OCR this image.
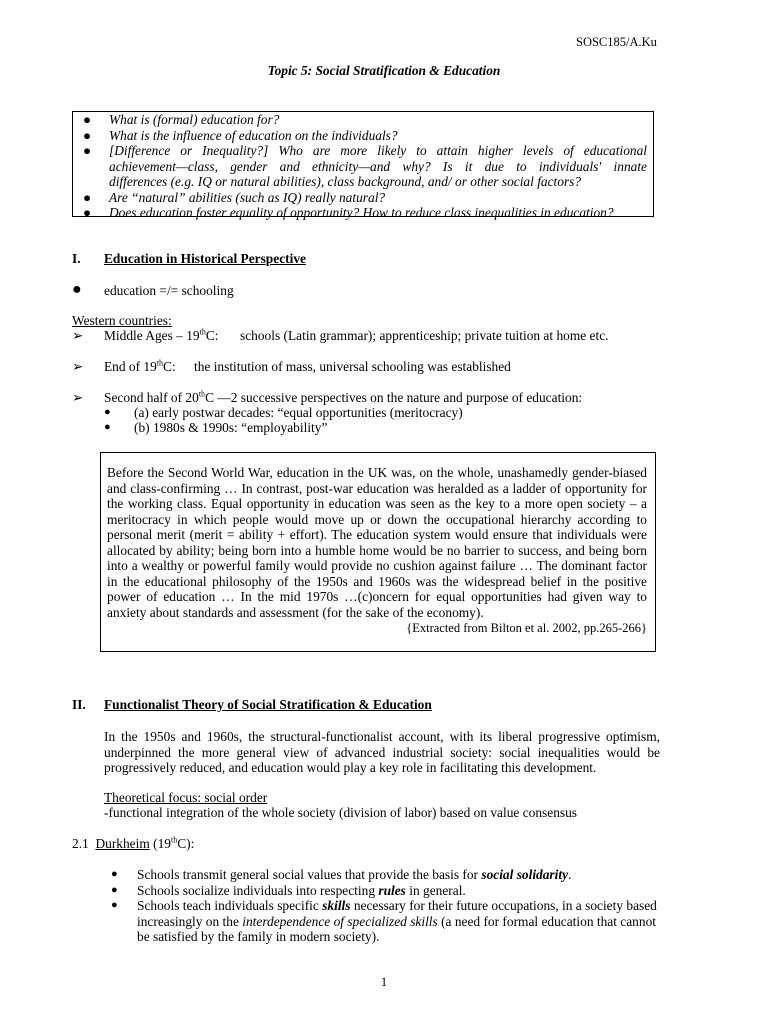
SOSC185/A.Ku
Topic 5: Social Stratification & Education
● What is (formal) education for?
● What is the influence of education on the individuals?
● [Difference or Inequality?] Who are more likely to attain higher levels of educational
achievement—class, gender and ethnicity—and why? Is it due to individuals' innate
differences (e.g. IQ or natural abilities), class background, and/ or other social factors?
● Are “natural” abilities (such as IQ) really natural?
● Does education foster equality of opportunity? How to reduce class inequalities in education?
I. Education in Historical Perspective
● education =/= schooling
Western countries:
➢ Middle Ages – 19thC: schools (Latin grammar); apprenticeship; private tuition at home etc.
➢ End of 19thC: the institution of mass, universal schooling was established
➢ Second half of 20thC —2 successive perspectives on the nature and purpose of education:
● (a) early postwar decades: “equal opportunities (meritocracy)
● (b) 1980s & 1990s: “employability”

Before the Second World War, education in the UK was, on the whole, unashamedly gender-biased and class-confirming … In contrast, post-war education was heralded as a ladder of opportunity for the working class. Equal opportunity in education was seen as the key to a more open society – a meritocracy in which people would move up or down the occupational hierarchy according to personal merit (merit = ability + effort). The education system would ensure that individuals were allocated by ability; being born into a humble home would be no barrier to success, and being born into a wealthy or powerful family would provide no cushion against failure … The dominant factor in the educational philosophy of the 1950s and 1960s was the widespread belief in the positive power of education … In the mid 1970s …(c)oncern for equal opportunities had given way to anxiety about standards and assessment (for the sake of the economy).

{Extracted from Bilton et al. 2002, pp.265-266}
II. Functionalist Theory of Social Stratification & Education
In the 1950s and 1960s, the structural-functionalist account, with its liberal progressive optimism, underpinned the more general view of advanced industrial society: social inequalities would be progressively reduced, and education would play a key role in facilitating this development.
Theoretical focus: social order
-functional integration of the whole society (division of labor) based on value consensus
2.1 Durkheim (19thC):
● Schools transmit general social values that provide the basis for social solidarity.
● Schools socialize individuals into respecting rules in general.
● Schools teach individuals specific skills necessary for their future occupations, in a society based increasingly on the interdependence of specialized skills (a need for formal education that cannot be satisfied by the family in modern society).
1
